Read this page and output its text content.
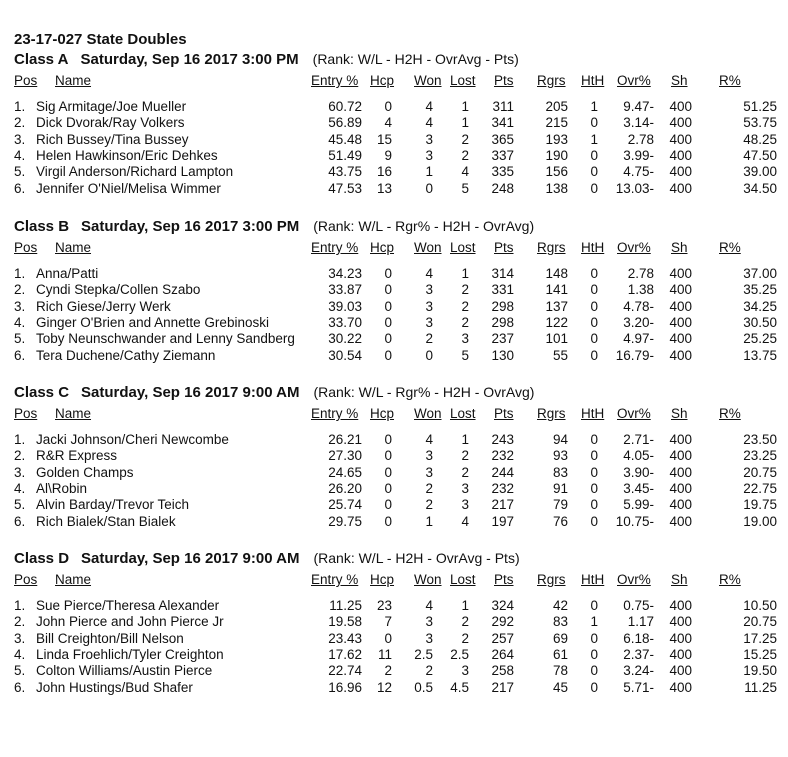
23-17-027 State Doubles
Class A Saturday, Sep 16 2017 3:00 PM (Rank: W/L - H2H - OvrAvg - Pts)
Pos Name	Entry % Hcp Won Lost Pts Rgrs HtH Ovr% Sh R%
1. Sig Armitage/Joe Mueller	60.72 0 4 1 311 205 1 9.47- 400	51.25
2. Dick Dvorak/Ray Volkers	56.89 4 4 1 341 215 0 3.14- 400	53.75
3. Rich Bussey/Tina Bussey	45.48 15 3 2 365 193 1 2.78 400	48.25
4. Helen Hawkinson/Eric Dehkes	51.49 9 3 2 337 190 0 3.99- 400	47.50
5. Virgil Anderson/Richard Lampton	43.75 16 1 4 335 156 0 4.75- 400	39.00
6. Jennifer O'Niel/Melisa Wimmer	47.53 13 0 5 248 138 0 13.03- 400	34.50
Class B Saturday, Sep 16 2017 3:00 PM (Rank: W/L - Rgr% - H2H - OvrAvg)
Pos Name	Entry % Hcp Won Lost Pts Rgrs HtH Ovr% Sh R%
1. Anna/Patti	34.23 0 4 1 314 148 0 2.78 400	37.00
2. Cyndi Stepka/Collen Szabo	33.87 0 3 2 331 141 0 1.38 400	35.25
3. Rich Giese/Jerry Werk	39.03 0 3 2 298 137 0 4.78- 400	34.25
4. Ginger O'Brien and Annette Grebinoski	33.70 0 3 2 298 122 0 3.20- 400	30.50
5. Toby Neunschwander and Lenny Sandberg 30.22 0 2 3 237 101 0 4.97- 400	25.25
6. Tera Duchene/Cathy Ziemann	30.54 0 0 5 130	55 0 16.79- 400	13.75
Class C Saturday, Sep 16 2017 9:00 AM (Rank: W/L - Rgr% - H2H - OvrAvg)
Pos Name	Entry % Hcp Won Lost Pts Rgrs HtH Ovr% Sh R%
1. Jacki Johnson/Cheri Newcombe	26.21 0 4 1 243	94 0 2.71- 400	23.50
2. R&R Express	27.30 0 3 2 232	93 0 4.05- 400	23.25
3. Golden Champs	24.65 0 3 2 244	83 0 3.90- 400	20.75
4. Al\Robin	26.20 0 2 3 232	91 0 3.45- 400	22.75
5. Alvin Barday/Trevor Teich	25.74 0 2 3 217	79 0 5.99- 400	19.75
6. Rich Bialek/Stan Bialek	29.75 0 1 4 197	76 0 10.75- 400	19.00
Class D Saturday, Sep 16 2017 9:00 AM (Rank: W/L - H2H - OvrAvg - Pts)
Pos Name	Entry % Hcp Won Lost Pts Rgrs HtH Ovr% Sh R%
1. Sue Pierce/Theresa Alexander	11.25 23 4 1 324	42 0 0.75- 400	10.50
2. John Pierce and John Pierce Jr	19.58 7 3 2 292	83 1 1.17 400	20.75
3. Bill Creighton/Bill Nelson	23.43 0 3 2 257	69 0 6.18- 400	17.25
4. Linda Froehlich/Tyler Creighton	17.62 11 2.5 2.5 264	61 0 2.37- 400	15.25
5. Colton Williams/Austin Pierce	22.74 2 2 3 258	78 0 3.24- 400	19.50
6. John Hustings/Bud Shafer	16.96 12 0.5 4.5 217	45 0 5.71- 400	11.25
